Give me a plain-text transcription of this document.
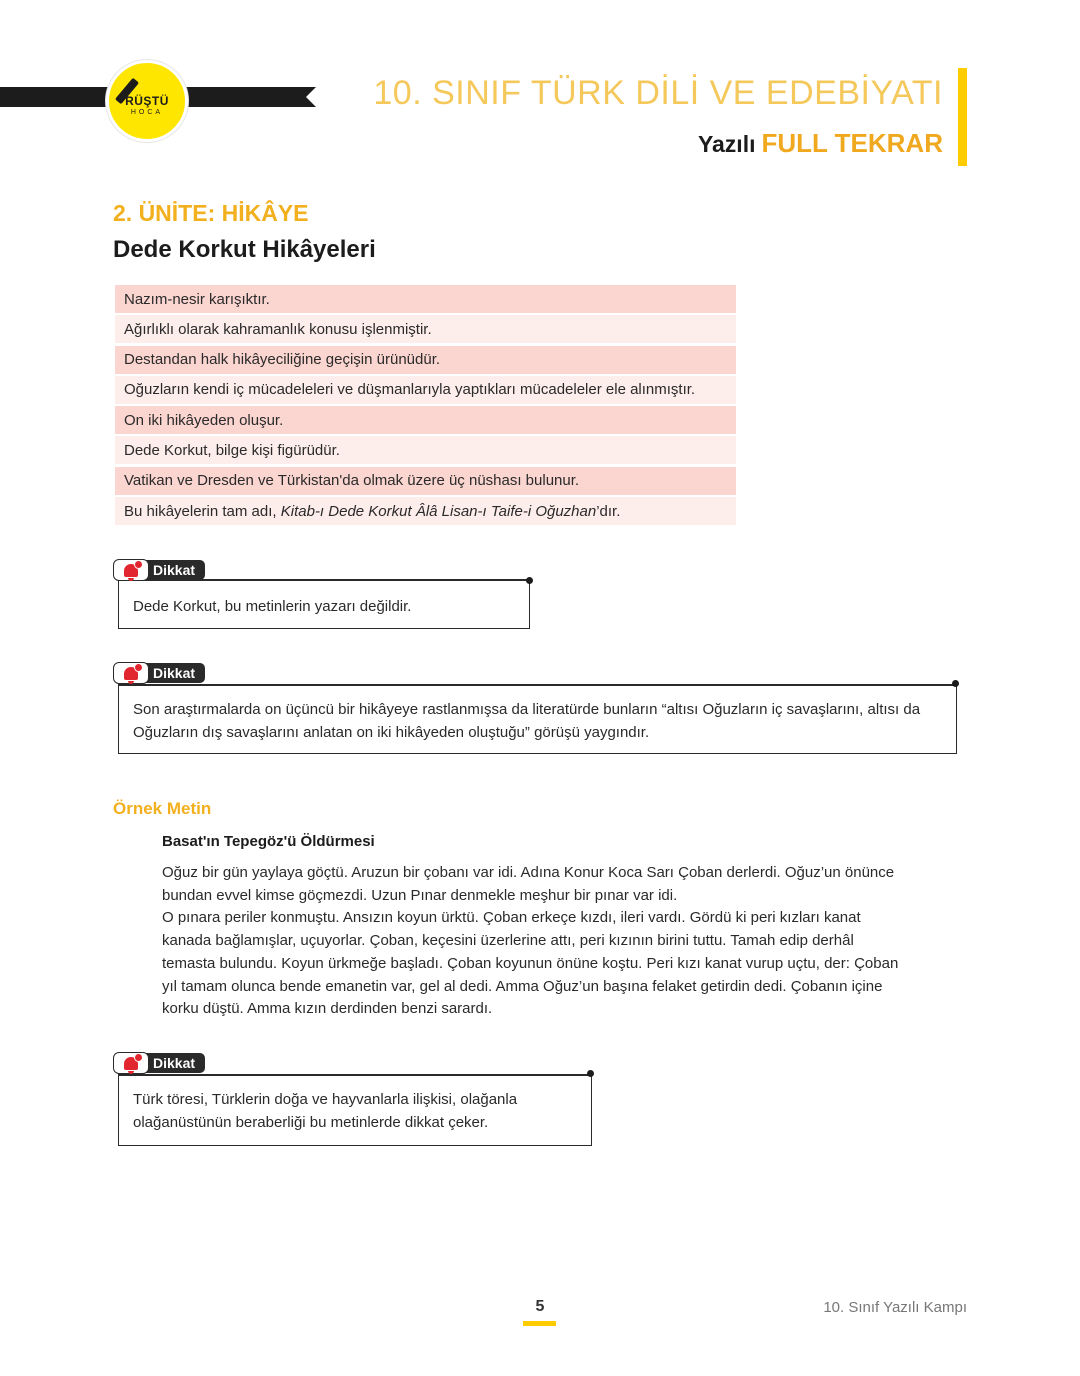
RÜŞTÜ
HOCA
10. SINIF TÜRK DİLİ VE EDEBİYATI
Yazılı FULL TEKRAR
2. ÜNİTE: HİKÂYE
Dede Korkut Hikâyeleri
Nazım-nesir karışıktır.
Ağırlıklı olarak kahramanlık konusu işlenmiştir.
Destandan halk hikâyeciliğine geçişin ürünüdür.
Oğuzların kendi iç mücadeleleri ve düşmanlarıyla yaptıkları mücadeleler ele alınmıştır.
On iki hikâyeden oluşur.
Dede Korkut, bilge kişi figürüdür.
Vatikan ve Dresden ve Türkistan'da olmak üzere üç nüshası bulunur.
Bu hikâyelerin tam adı,
Kitab-ı Dede Korkut Âlâ Lisan-ı Taife-i Oğuzhan ’dır.
Dikkat
Dede Korkut, bu metinlerin yazarı değildir.
Dikkat
Son araştırmalarda on üçüncü bir hikâyeye rastlanmışsa da literatürde bunların “altısı Oğuzların iç savaşlarını, altısı da Oğuzların dış savaşlarını anlatan on iki hikâyeden oluştuğu” görüşü yaygındır.
Örnek Metin
Basat'ın Tepegöz'ü Öldürmesi

Oğuz bir gün yaylaya göçtü. Aruzun bir çobanı var idi. Adına Konur Koca Sarı Çoban derlerdi. Oğuz’un önünce bundan evvel kimse göçmezdi. Uzun Pınar denmekle meşhur bir pınar var idi.

O pınara periler konmuştu. Ansızın koyun ürktü. Çoban erkeçe kızdı, ileri vardı. Gördü ki peri kızları kanat kanada bağlamışlar, uçuyorlar. Çoban, keçesini üzerlerine attı, peri kızının birini tuttu. Tamah edip derhâl temasta bulundu. Koyun ürkmeğe başladı. Çoban koyunun önüne koştu. Peri kızı kanat vurup uçtu, der: Çoban yıl tamam olunca bende emanetin var, gel al dedi. Amma Oğuz’un başına felaket getirdin dedi. Çobanın içine korku düştü. Amma kızın derdinden benzi sarardı.

Dikkat
Türk töresi, Türklerin doğa ve hayvanlarla ilişkisi, olağanla olağanüstünün beraberliği bu metinlerde dikkat çeker.
5	10. Sınıf Yazılı Kampı
